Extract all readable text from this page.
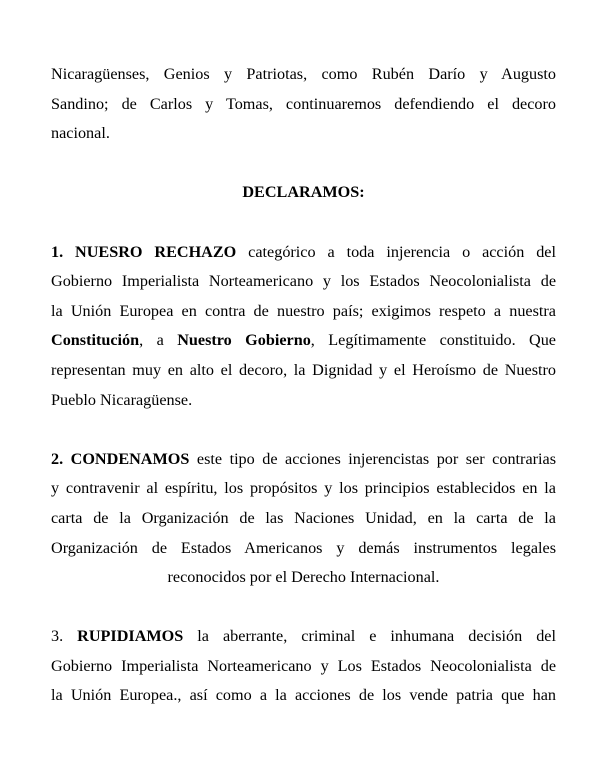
Nicaragüenses, Genios y Patriotas, como Rubén Darío y Augusto
Sandino; de Carlos y Tomas, continuaremos defendiendo el decoro
nacional.

DECLARAMOS:

1. NUESRO RECHAZO categórico a toda injerencia o acción del
Gobierno Imperialista Norteamericano y los Estados Neocolonialista de
la Unión Europea en contra de nuestro país; exigimos respeto a nuestra
Constitución, a Nuestro Gobierno, Legítimamente constituido. Que
representan muy en alto el decoro, la Dignidad y el Heroísmo de Nuestro
Pueblo Nicaragüense.
2. CONDENAMOS este tipo de acciones injerencistas por ser contrarias
y contravenir al espíritu, los propósitos y los principios establecidos en la
carta de la Organización de las Naciones Unidad, en la carta de la
Organización de Estados Americanos y demás instrumentos legales
reconocidos por el Derecho Internacional.
3. RUPIDIAMOS la aberrante, criminal e inhumana decisión del
Gobierno Imperialista Norteamericano y Los Estados Neocolonialista de
la Unión Europea., así como a la acciones de los vende patria que han
